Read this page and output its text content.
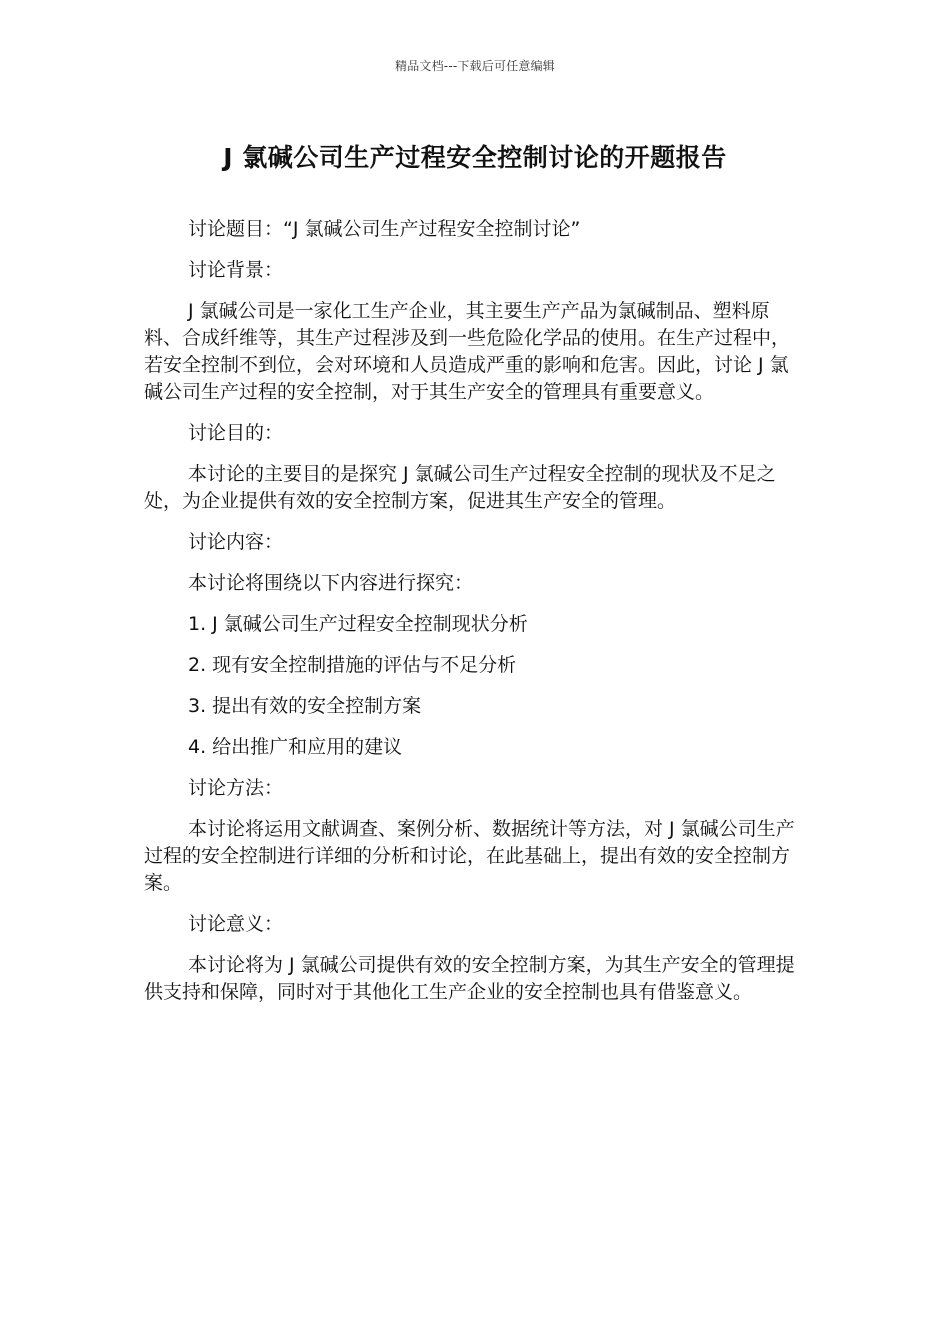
精品文档---下载后可任意编辑
J 氯碱公司生产过程安全控制讨论的开题报告

讨论题目：“J 氯碱公司生产过程安全控制讨论”

讨论背景：

J 氯碱公司是一家化工生产企业，其主要生产产品为氯碱制品、塑料原料、合成纤维等，其生产过程涉及到一些危险化学品的使用。在生产过程中，若安全控制不到位，会对环境和人员造成严重的影响和危害。因此，讨论 J 氯碱公司生产过程的安全控制，对于其生产安全的管理具有重要意义。

讨论目的：

本讨论的主要目的是探究 J 氯碱公司生产过程安全控制的现状及不足之处，为企业提供有效的安全控制方案，促进其生产安全的管理。

讨论内容：

本讨论将围绕以下内容进行探究：

1. J 氯碱公司生产过程安全控制现状分析

2. 现有安全控制措施的评估与不足分析

3. 提出有效的安全控制方案

4. 给出推广和应用的建议

讨论方法：

本讨论将运用文献调查、案例分析、数据统计等方法，对 J 氯碱公司生产过程的安全控制进行详细的分析和讨论，在此基础上，提出有效的安全控制方案。

讨论意义：

本讨论将为 J 氯碱公司提供有效的安全控制方案，为其生产安全的管理提供支持和保障，同时对于其他化工生产企业的安全控制也具有借鉴意义。
